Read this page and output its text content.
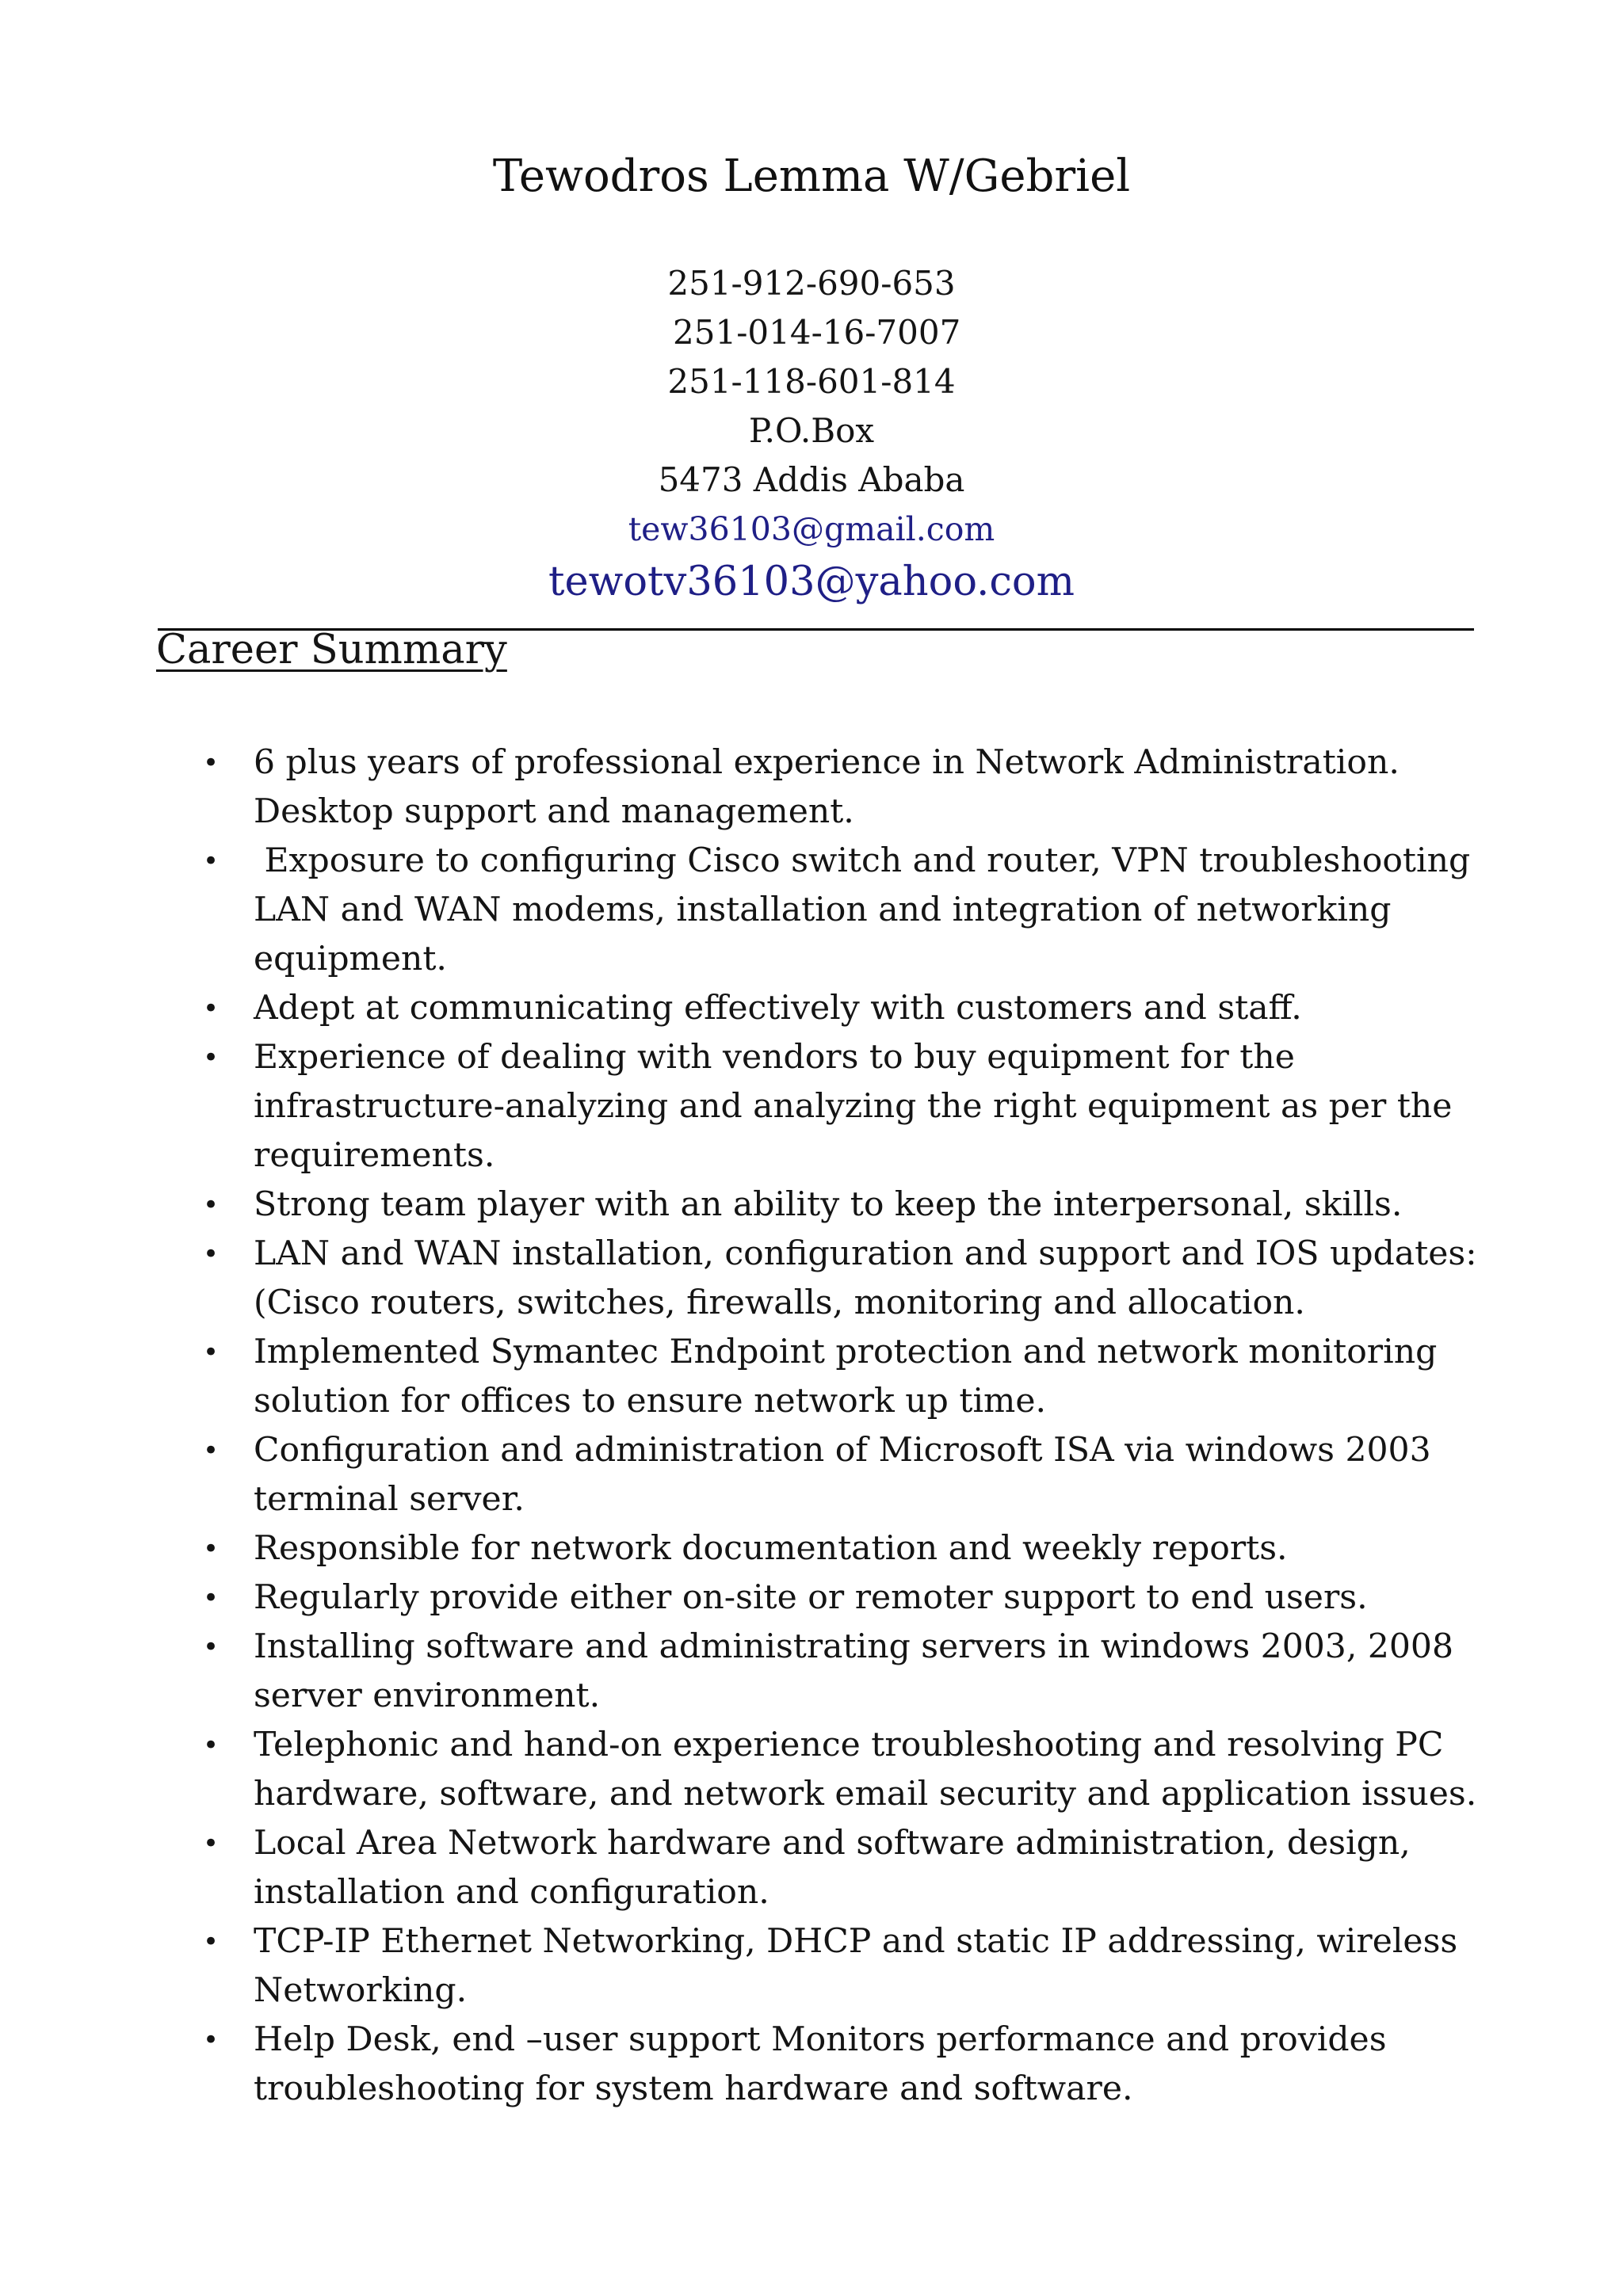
Tewodros Lemma W/Gebriel
251-912-690-653
251-014-16-7007
251-118-601-814
P.O.Box
5473 Addis Ababa
tew36103@gmail.com
tewotv36103@yahoo.com
Career Summary
• 6 plus years of professional experience in Network Administration.
Desktop support and management.
• Exposure to configuring Cisco switch and router, VPN troubleshooting
LAN and WAN modems, installation and integration of networking
equipment.
• Adept at communicating effectively with customers and staff.
• Experience of dealing with vendors to buy equipment for the
infrastructure-analyzing and analyzing the right equipment as per the
requirements.
• Strong team player with an ability to keep the interpersonal, skills.
• LAN and WAN installation, configuration and support and IOS updates:
(Cisco routers, switches, firewalls, monitoring and allocation.
• Implemented Symantec Endpoint protection and network monitoring
solution for offices to ensure network up time.
• Configuration and administration of Microsoft ISA via windows 2003
terminal server.
• Responsible for network documentation and weekly reports.
• Regularly provide either on-site or remoter support to end users.
• Installing software and administrating servers in windows 2003, 2008
server environment.
• Telephonic and hand-on experience troubleshooting and resolving PC
hardware, software, and network email security and application issues.
• Local Area Network hardware and software administration, design,
installation and configuration.
• TCP-IP Ethernet Networking, DHCP and static IP addressing, wireless
Networking.
• Help Desk, end –user support Monitors performance and provides
troubleshooting for system hardware and software.
